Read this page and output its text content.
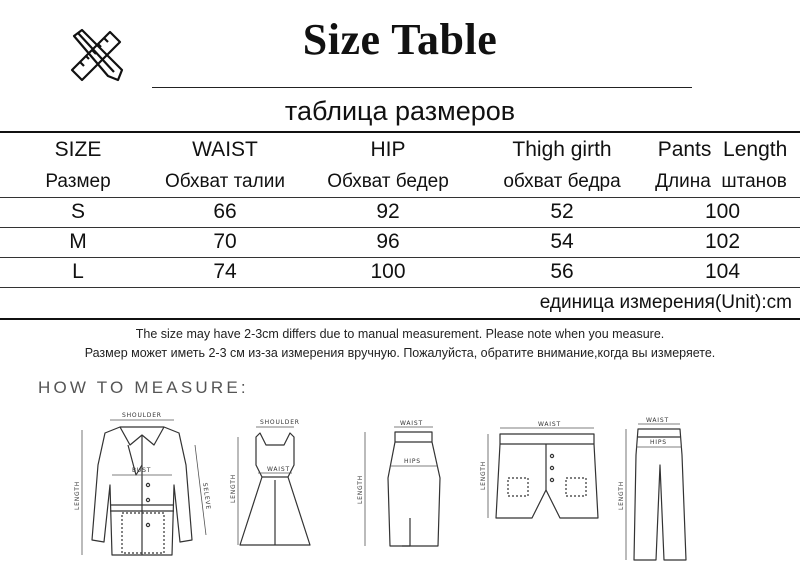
Size Table
таблица размеров
SIZE	WAIST	HIP	Thigh girth	Pants  Length
Размер	Обхват талии	Обхват бедер	обхват бедра	Длина  штанов
S	66	92	52	100
M	70	96	54	102
L	74	100	56	104
единица измерения(Unit):cm
The size may have 2-3cm differs due to manual measurement. Please note when you measure.
Размер может иметь 2-3 см из-за измерения вручную. Пожалуйста, обратите внимание,когда вы измеряете.
HOW TO MEASURE:
SHOULDER
BUST
LENGTH	SELEVE
SHOULDER
WAIST
LENGTH
WAIST
HIPS
LENGTH
WAIST
LENGTH
WAIST
HIPS
LENGTH
